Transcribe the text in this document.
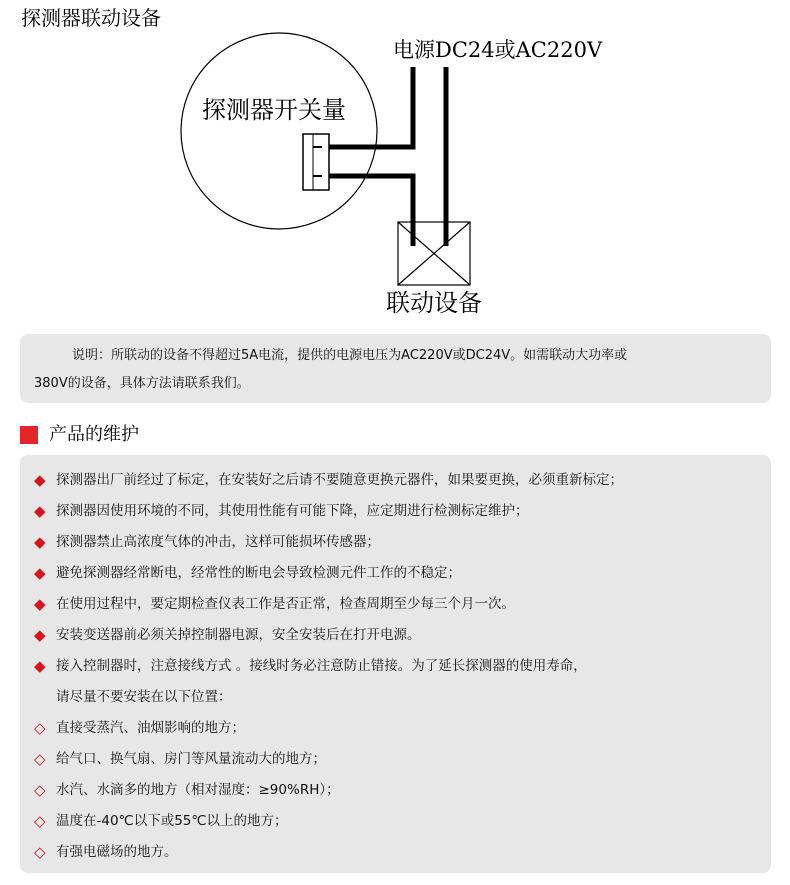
探测器联动设备
探测器开关量
电源DC24或AC220V
联动设备
说明：所联动的设备不得超过5A电流，提供的电源电压为AC220V或DC24V。如需联动大功率或
380V的设备，具体方法请联系我们。
产品的维护
◆ 探测器出厂前经过了标定，在安装好之后请不要随意更换元器件，如果要更换，必须重新标定；
◆ 探测器因使用环境的不同，其使用性能有可能下降，应定期进行检测标定维护；
◆ 探测器禁止高浓度气体的冲击，这样可能损坏传感器；
◆ 避免探测器经常断电，经常性的断电会导致检测元件工作的不稳定；
◆ 在使用过程中，要定期检查仪表工作是否正常，检查周期至少每三个月一次。
◆ 安装变送器前必须关掉控制器电源，安全安装后在打开电源。
◆ 接入控制器时，注意接线方式 。接线时务必注意防止错接。为了延长探测器的使用寿命，
请尽量不要安装在以下位置：
◇ 直接受蒸汽、油烟影响的地方；
◇ 给气口、换气扇、房门等风量流动大的地方；
◇ 水汽、水滴多的地方（相对湿度：≥90%RH）；
◇ 温度在-40℃以下或55℃以上的地方；
◇ 有强电磁场的地方。
